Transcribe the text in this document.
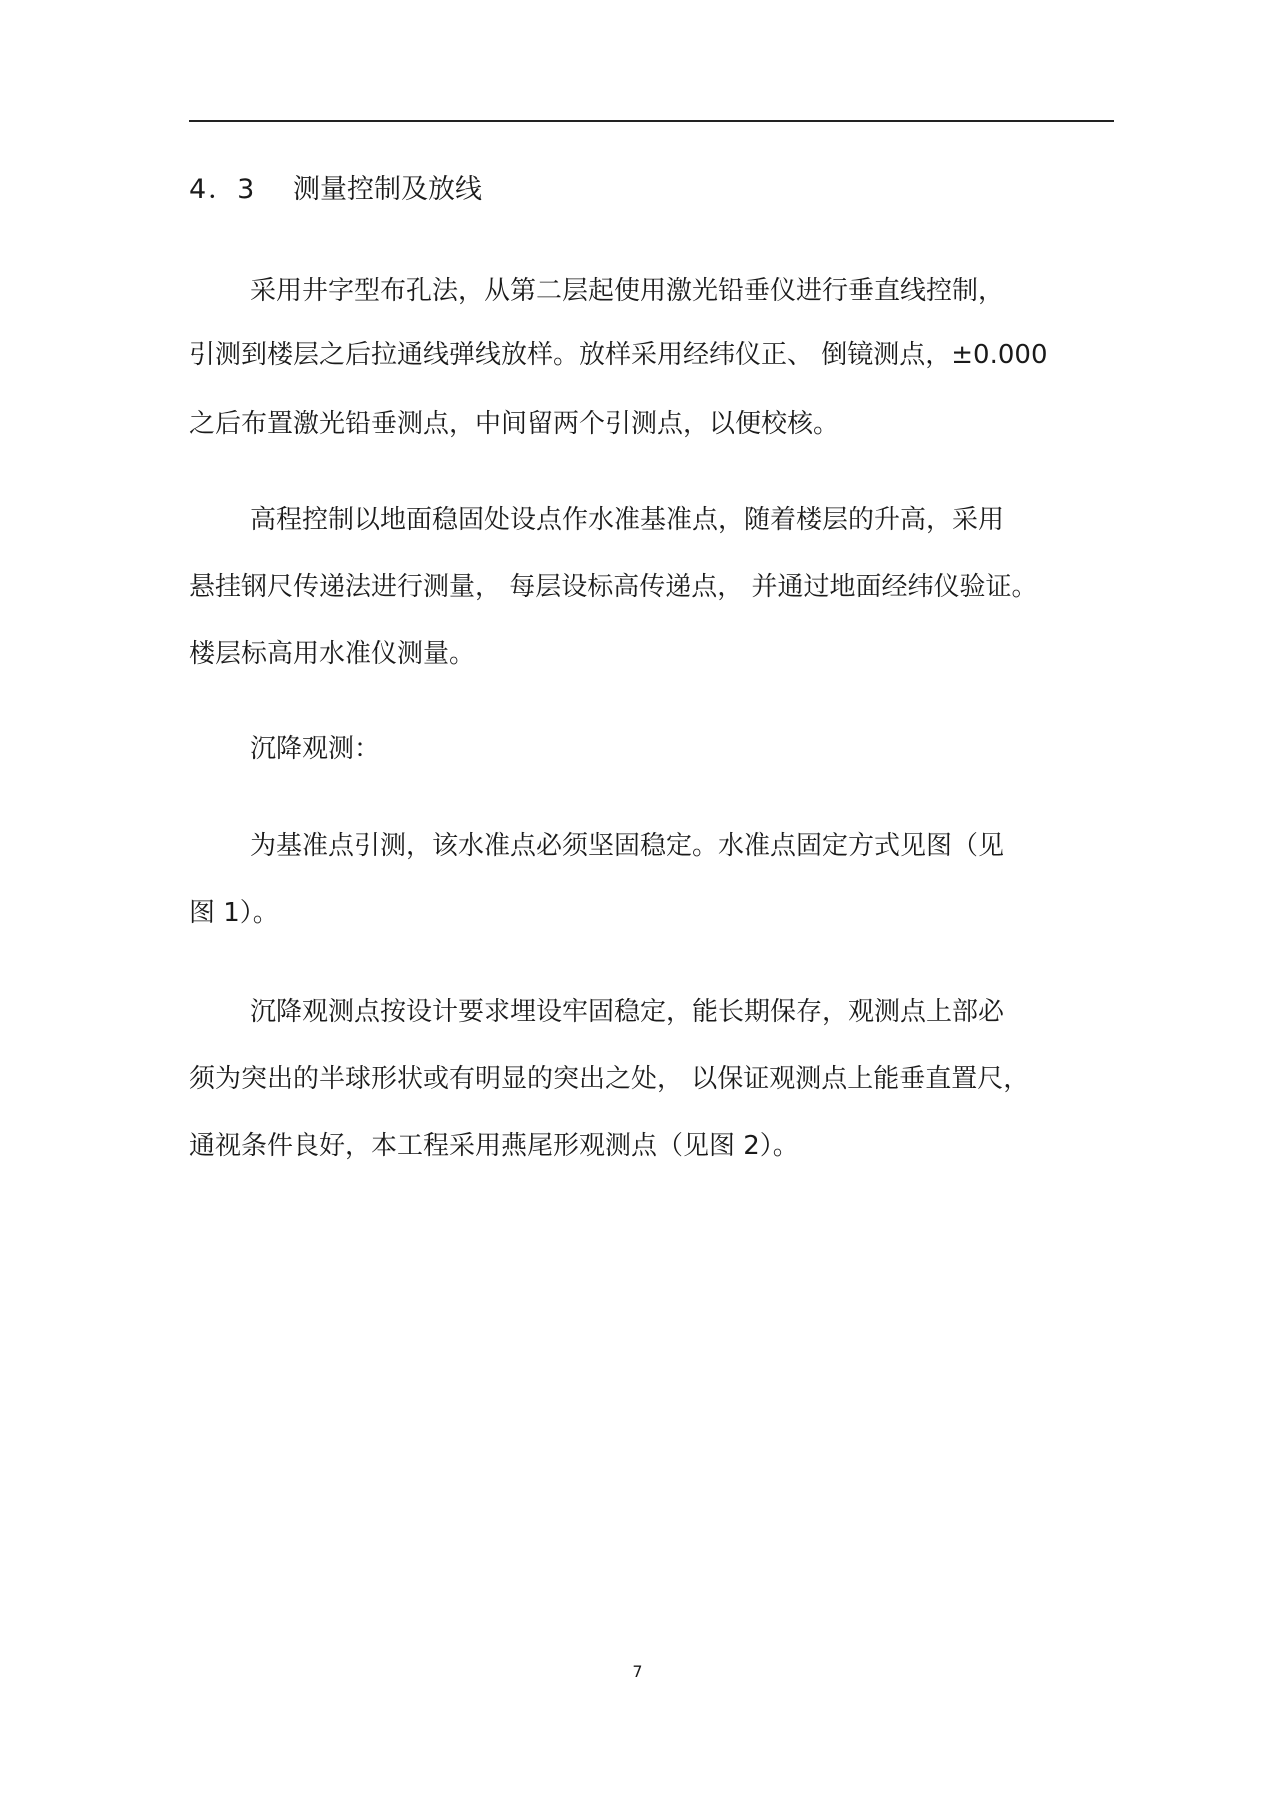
4．3 测量控制及放线
采用井字型布孔法，从第二层起使用激光铅垂仪进行垂直线控制，
引测到楼层之后拉通线弹线放样。放样采用经纬仪正、 倒镜测点，±0.000
之后布置激光铅垂测点，中间留两个引测点，以便校核。
高程控制以地面稳固处设点作水准基准点，随着楼层的升高，采用
悬挂钢尺传递法进行测量， 每层设标高传递点， 并通过地面经纬仪验证。
楼层标高用水准仪测量。
沉降观测：
为基准点引测，该水准点必须坚固稳定。水准点固定方式见图（见
图 1）。
沉降观测点按设计要求埋设牢固稳定，能长期保存，观测点上部必
须为突出的半球形状或有明显的突出之处， 以保证观测点上能垂直置尺，
通视条件良好，本工程采用燕尾形观测点（见图 2）。
7
